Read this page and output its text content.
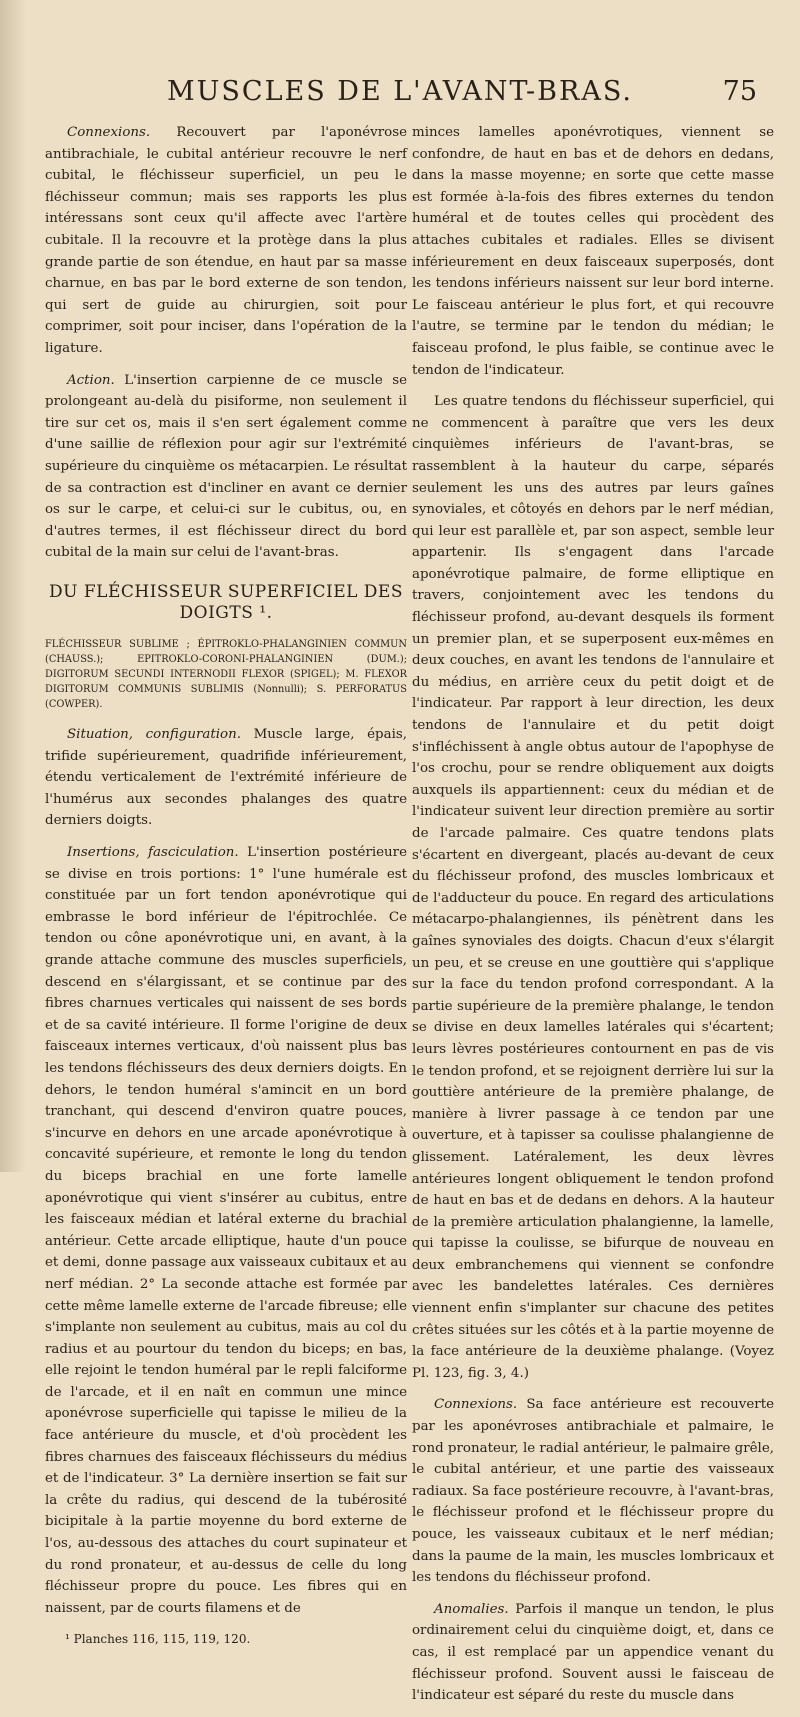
MUSCLES DE L'AVANT-BRAS.	75

Connexions. Recouvert par l'aponévrose antibrachiale, le cubital antérieur recouvre le nerf cubital, le fléchisseur superficiel, un peu le fléchisseur commun; mais ses rapports les plus intéressans sont ceux qu'il affecte avec l'artère cubitale. Il la recouvre et la protège dans la plus grande partie de son étendue, en haut par sa masse charnue, en bas par le bord externe de son tendon, qui sert de guide au chirurgien, soit pour comprimer, soit pour inciser, dans l'opération de la ligature.

Action. L'insertion carpienne de ce muscle se prolongeant au-delà du pisiforme, non seulement il tire sur cet os, mais il s'en sert également comme d'une saillie de réflexion pour agir sur l'extrémité supérieure du cinquième os métacarpien. Le résultat de sa contraction est d'incliner en avant ce dernier os sur le carpe, et celui-ci sur le cubitus, ou, en d'autres termes, il est fléchisseur direct du bord cubital de la main sur celui de l'avant-bras.

DU FLÉCHISSEUR SUPERFICIEL DES DOIGTS ¹.

FLÉCHISSEUR SUBLIME ; ÉPITROKLO-PHALANGINIEN COMMUN (CHAUSS.); EPITROKLO-CORONI-PHALANGINIEN (DUM.); DIGITORUM SECUNDI INTERNODII FLEXOR (SPIGEL); M. FLEXOR DIGITORUM COMMUNIS SUBLIMIS (Nonnulli); S. PERFORATUS (COWPER).

Situation, configuration. Muscle large, épais, trifide supérieurement, quadrifide inférieurement, étendu verticalement de l'extrémité inférieure de l'humérus aux secondes phalanges des quatre derniers doigts.

Insertions, fasciculation. L'insertion postérieure se divise en trois portions: 1° l'une humérale est constituée par un fort tendon aponévrotique qui embrasse le bord inférieur de l'épitrochlée. Ce tendon ou cône aponévrotique uni, en avant, à la grande attache commune des muscles superficiels, descend en s'élargissant, et se continue par des fibres charnues verticales qui naissent de ses bords et de sa cavité intérieure. Il forme l'origine de deux faisceaux internes verticaux, d'où naissent plus bas les tendons fléchisseurs des deux derniers doigts. En dehors, le tendon huméral s'amincit en un bord tranchant, qui descend d'environ quatre pouces, s'incurve en dehors en une arcade aponévrotique à concavité supérieure, et remonte le long du tendon du biceps brachial en une forte lamelle aponévrotique qui vient s'insérer au cubitus, entre les faisceaux médian et latéral externe du brachial antérieur. Cette arcade elliptique, haute d'un pouce et demi, donne passage aux vaisseaux cubitaux et au nerf médian. 2° La seconde attache est formée par cette même lamelle externe de l'arcade fibreuse; elle s'implante non seulement au cubitus, mais au col du radius et au pourtour du tendon du biceps; en bas, elle rejoint le tendon huméral par le repli falciforme de l'arcade, et il en naît en commun une mince aponévrose superficielle qui tapisse le milieu de la face antérieure du muscle, et d'où procèdent les fibres charnues des faisceaux fléchisseurs du médius et de l'indicateur. 3° La dernière insertion se fait sur la crête du radius, qui descend de la tubérosité bicipitale à la partie moyenne du bord externe de l'os, au-dessous des attaches du court supinateur et du rond pronateur, et au-dessus de celle du long fléchisseur propre du pouce. Les fibres qui en naissent, par de courts filamens et de

¹ Planches 116, 115, 119, 120.

minces lamelles aponévrotiques, viennent se confondre, de haut en bas et de dehors en dedans, dans la masse moyenne; en sorte que cette masse est formée à-la-fois des fibres externes du tendon huméral et de toutes celles qui procèdent des attaches cubitales et radiales. Elles se divisent inférieurement en deux faisceaux superposés, dont les tendons inférieurs naissent sur leur bord interne. Le faisceau antérieur le plus fort, et qui recouvre l'autre, se termine par le tendon du médian; le faisceau profond, le plus faible, se continue avec le tendon de l'indicateur.

Les quatre tendons du fléchisseur superficiel, qui ne commencent à paraître que vers les deux cinquièmes inférieurs de l'avant-bras, se rassemblent à la hauteur du carpe, séparés seulement les uns des autres par leurs gaînes synoviales, et côtoyés en dehors par le nerf médian, qui leur est parallèle et, par son aspect, semble leur appartenir. Ils s'engagent dans l'arcade aponévrotique palmaire, de forme elliptique en travers, conjointement avec les tendons du fléchisseur profond, au-devant desquels ils forment un premier plan, et se superposent eux-mêmes en deux couches, en avant les tendons de l'annulaire et du médius, en arrière ceux du petit doigt et de l'indicateur. Par rapport à leur direction, les deux tendons de l'annulaire et du petit doigt s'infléchissent à angle obtus autour de l'apophyse de l'os crochu, pour se rendre obliquement aux doigts auxquels ils appartiennent: ceux du médian et de l'indicateur suivent leur direction première au sortir de l'arcade palmaire. Ces quatre tendons plats s'écartent en divergeant, placés au-devant de ceux du fléchisseur profond, des muscles lombricaux et de l'adducteur du pouce. En regard des articulations métacarpo-phalangiennes, ils pénètrent dans les gaînes synoviales des doigts. Chacun d'eux s'élargit un peu, et se creuse en une gouttière qui s'applique sur la face du tendon profond correspondant. A la partie supérieure de la première phalange, le tendon se divise en deux lamelles latérales qui s'écartent; leurs lèvres postérieures contournent en pas de vis le tendon profond, et se rejoignent derrière lui sur la gouttière antérieure de la première phalange, de manière à livrer passage à ce tendon par une ouverture, et à tapisser sa coulisse phalangienne de glissement. Latéralement, les deux lèvres antérieures longent obliquement le tendon profond de haut en bas et de dedans en dehors. A la hauteur de la première articulation phalangienne, la lamelle, qui tapisse la coulisse, se bifurque de nouveau en deux embranchemens qui viennent se confondre avec les bandelettes latérales. Ces dernières viennent enfin s'implanter sur chacune des petites crêtes situées sur les côtés et à la partie moyenne de la face antérieure de la deuxième phalange. (Voyez Pl. 123, fig. 3, 4.)

Connexions. Sa face antérieure est recouverte par les aponévroses antibrachiale et palmaire, le rond pronateur, le radial antérieur, le palmaire grêle, le cubital antérieur, et une partie des vaisseaux radiaux. Sa face postérieure recouvre, à l'avant-bras, le fléchisseur profond et le fléchisseur propre du pouce, les vaisseaux cubitaux et le nerf médian; dans la paume de la main, les muscles lombricaux et les tendons du fléchisseur profond.

Anomalies. Parfois il manque un tendon, le plus ordinairement celui du cinquième doigt, et, dans ce cas, il est remplacé par un appendice venant du fléchisseur profond. Souvent aussi le faisceau de l'indicateur est séparé du reste du muscle dans
